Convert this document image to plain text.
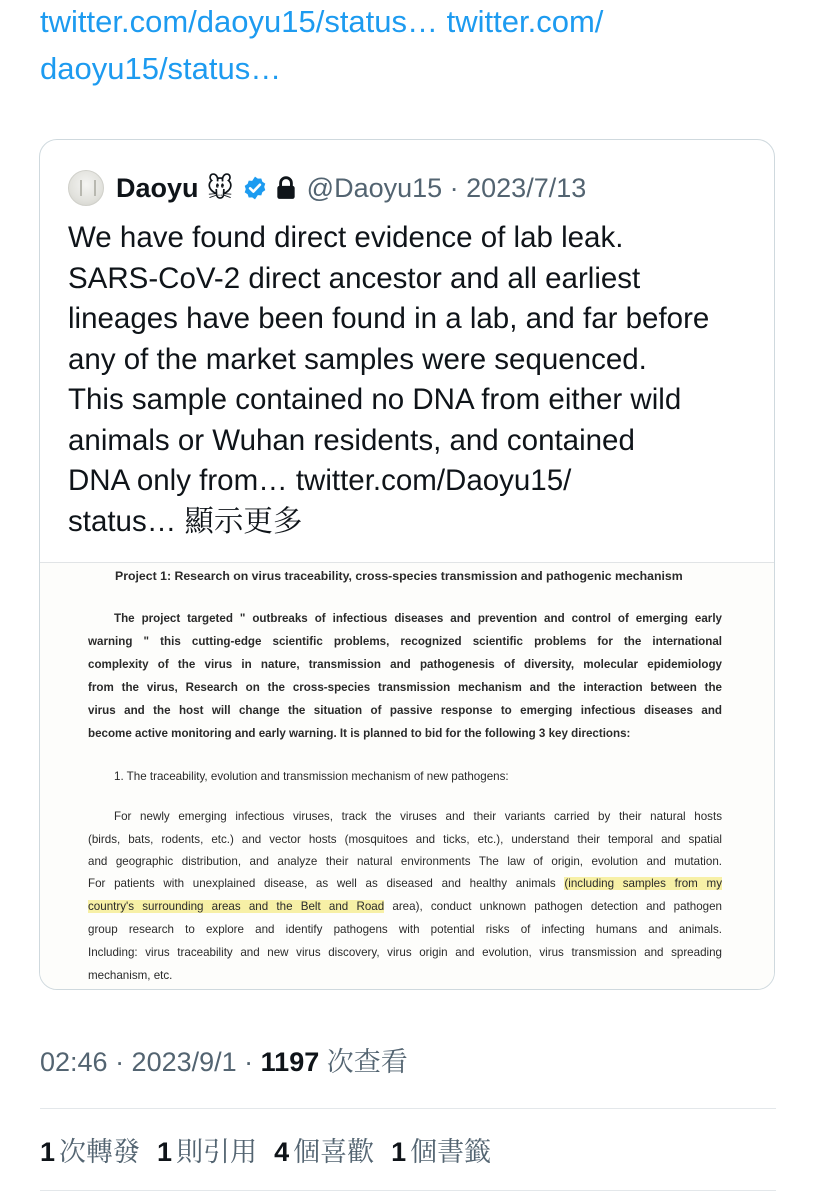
twitter.com/daoyu15/status… twitter.com/
daoyu15/status…
Daoyu 🐭	@Daoyu15 · 2023/7/13
We have found direct evidence of lab leak.
SARS-CoV-2 direct ancestor and all earliest
lineages have been found in a lab, and far before
any of the market samples were sequenced.
This sample contained no DNA from either wild
animals or Wuhan residents, and contained
DNA only from… twitter.com/Daoyu15/
status… 顯示更多
Project 1: Research on virus traceability, cross-species transmission and pathogenic mechanism
The project targeted " outbreaks of infectious diseases and prevention and control of emerging early
warning " this cutting-edge scientific problems, recognized scientific problems for the international
complexity of the virus in nature, transmission and pathogenesis of diversity, molecular epidemiology
from the virus, Research on the cross-species transmission mechanism and the interaction between the
virus and the host will change the situation of passive response to emerging infectious diseases and
become active monitoring and early warning. It is planned to bid for the following 3 key directions:
1. The traceability, evolution and transmission mechanism of new pathogens:
For newly emerging infectious viruses, track the viruses and their variants carried by their natural hosts
(birds, bats, rodents, etc.) and vector hosts (mosquitoes and ticks, etc.), understand their temporal and spatial
and geographic distribution, and analyze their natural environments The law of origin, evolution and mutation.
For patients with unexplained disease, as well as diseased and healthy animals (including samples from my
country's surrounding areas and the Belt and Road area), conduct unknown pathogen detection and pathogen
group research to explore and identify pathogens with potential risks of infecting humans and animals.
Including: virus traceability and new virus discovery, virus origin and evolution, virus transmission and spreading
mechanism, etc.
02:46 · 2023/9/1 · 1197 次查看
1 次轉發 1 則引用 4 個喜歡 1 個書籤
